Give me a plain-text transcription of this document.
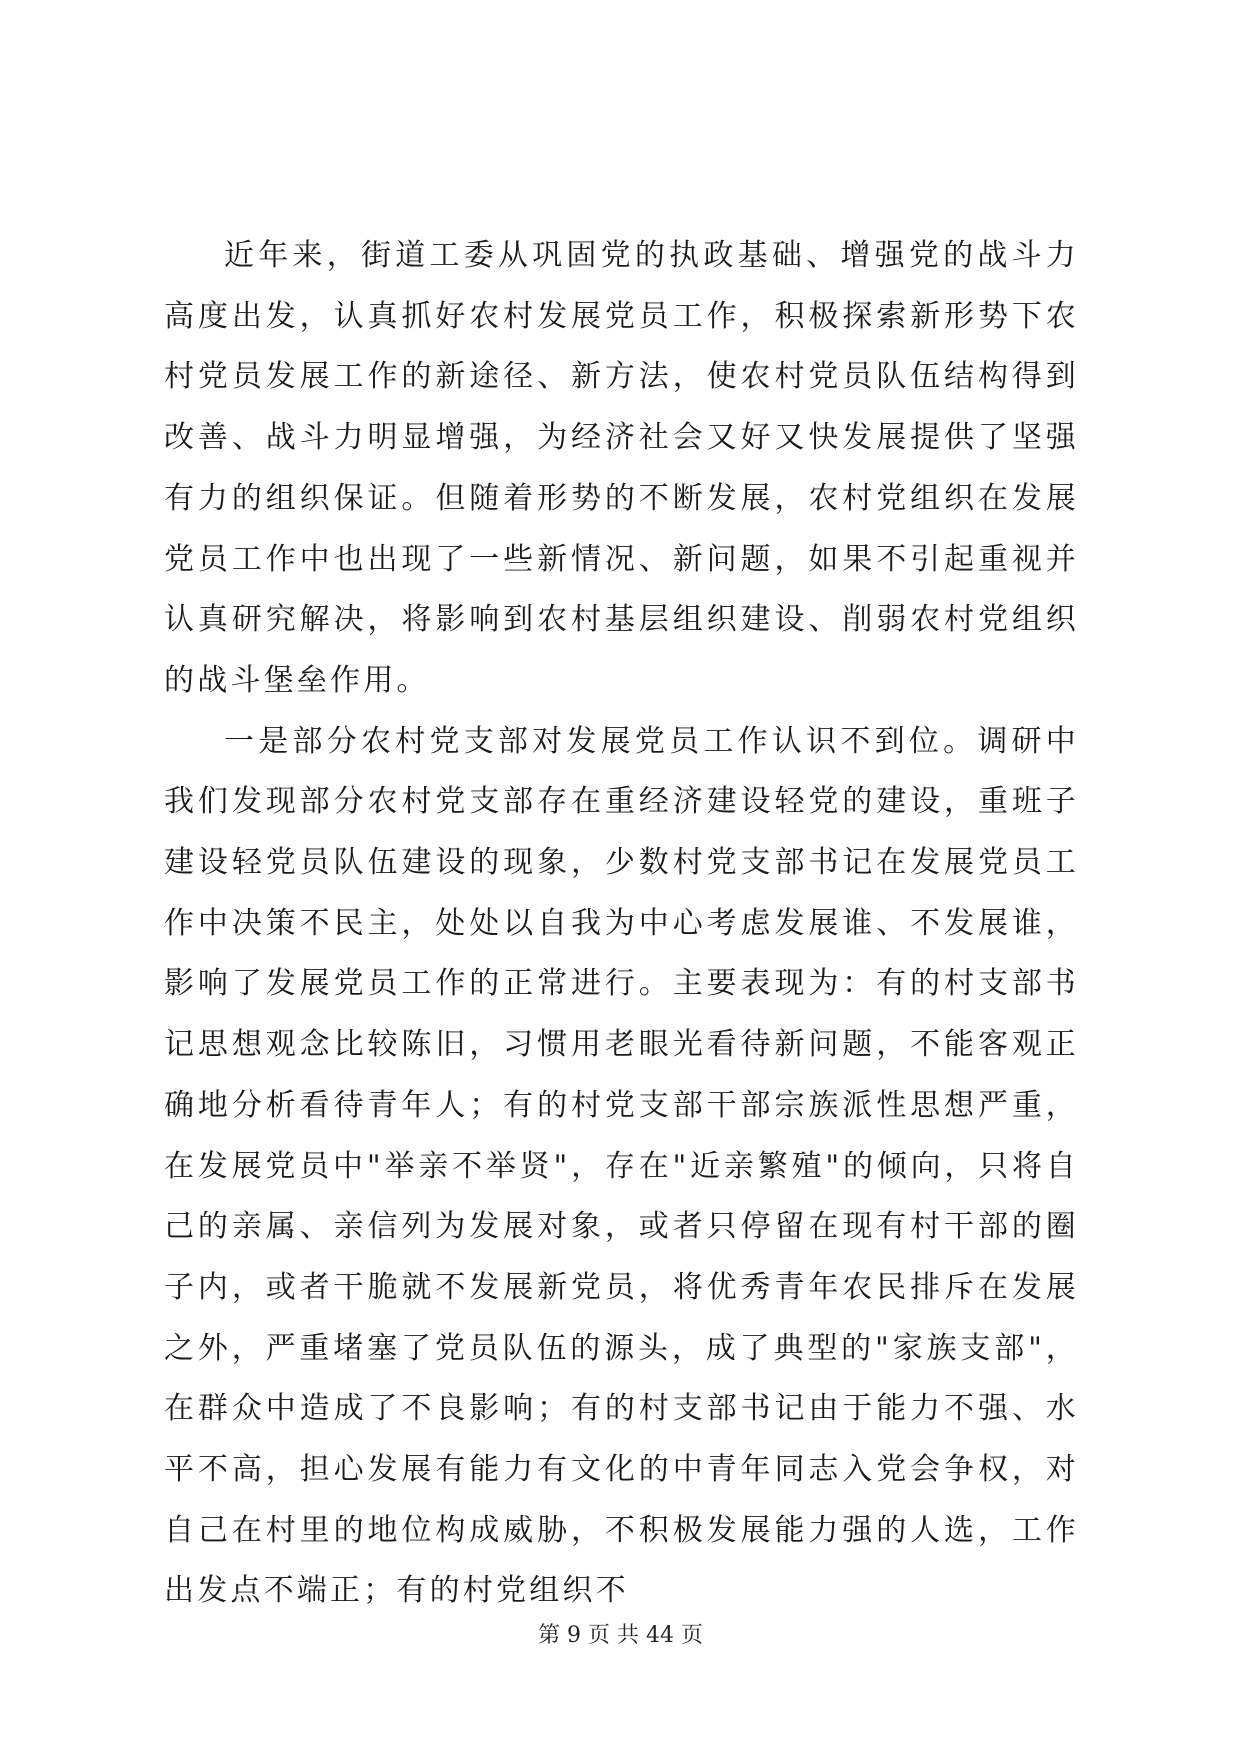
近年来，街道工委从巩固党的执政基础、增强党的战斗力高度出发，认真抓好农村发展党员工作，积极探索新形势下农村党员发展工作的新途径、新方法，使农村党员队伍结构得到改善、战斗力明显增强，为经济社会又好又快发展提供了坚强有力的组织保证。但随着形势的不断发展，农村党组织在发展党员工作中也出现了一些新情况、新问题，如果不引起重视并认真研究解决，将影响到农村基层组织建设、削弱农村党组织的战斗堡垒作用。

一是部分农村党支部对发展党员工作认识不到位。调研中我们发现部分农村党支部存在重经济建设轻党的建设，重班子建设轻党员队伍建设的现象，少数村党支部书记在发展党员工作中决策不民主，处处以自我为中心考虑发展谁、不发展谁，影响了发展党员工作的正常进行。主要表现为：有的村支部书记思想观念比较陈旧，习惯用老眼光看待新问题，不能客观正确地分析看待青年人；有的村党支部干部宗族派性思想严重，在发展党员中"举亲不举贤"，存在"近亲繁殖"的倾向，只将自己的亲属、亲信列为发展对象，或者只停留在现有村干部的圈子内，或者干脆就不发展新党员，将优秀青年农民排斥在发展之外，严重堵塞了党员队伍的源头，成了典型的"家族支部"，在群众中造成了不良影响；有的村支部书记由于能力不强、水平不高，担心发展有能力有文化的中青年同志入党会争权，对自己在村里的地位构成威胁，不积极发展能力强的人选，工作出发点不端正；有的村党组织不

第 9 页 共 44 页
